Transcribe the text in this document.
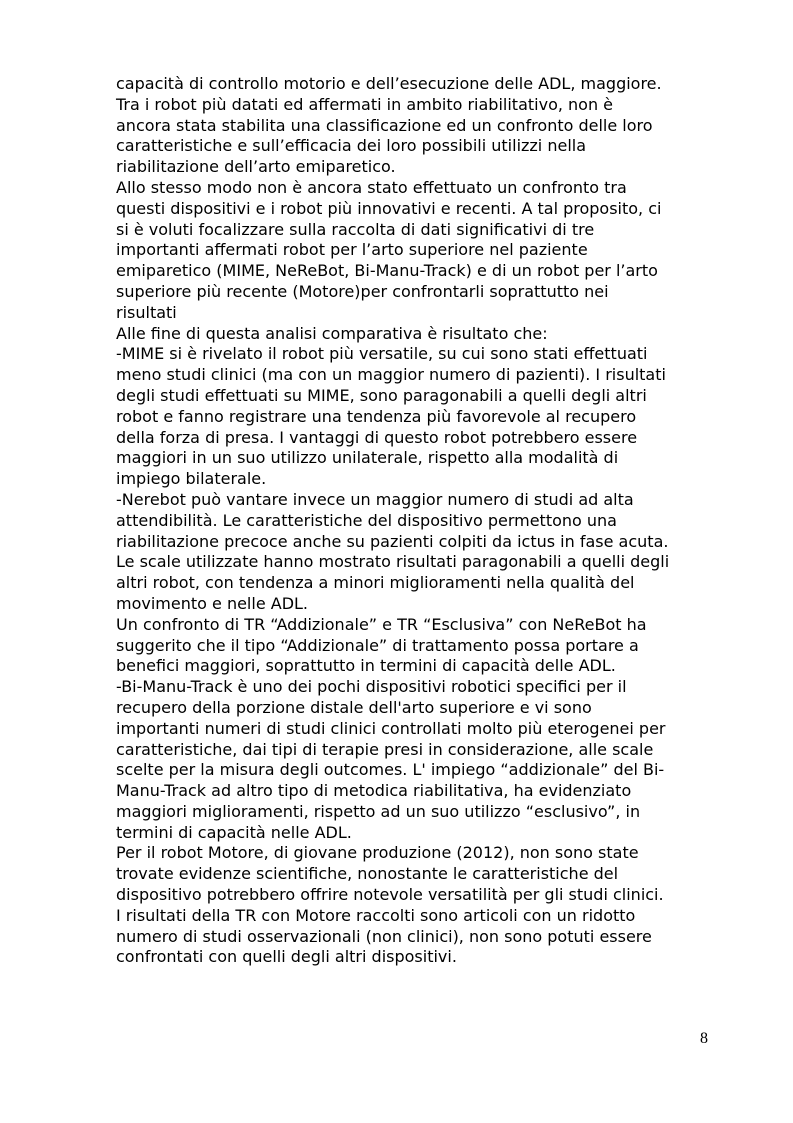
capacità di controllo motorio e dell’esecuzione delle ADL, maggiore.
Tra i robot più datati ed affermati in ambito riabilitativo, non è
ancora stata stabilita una classificazione ed un confronto delle loro
caratteristiche e sull’efficacia dei loro possibili utilizzi nella
riabilitazione dell’arto emiparetico.
Allo stesso modo non è ancora stato effettuato un confronto tra
questi dispositivi e i robot più innovativi e recenti. A tal proposito, ci
si è voluti focalizzare sulla raccolta di dati significativi di tre
importanti affermati robot per l’arto superiore nel paziente
emiparetico (MIME, NeReBot, Bi-Manu-Track) e di un robot per l’arto
superiore più recente (Motore)per confrontarli soprattutto nei
risultati
Alle fine di questa analisi comparativa è risultato che:
-MIME si è rivelato il robot più versatile, su cui sono stati effettuati
meno studi clinici (ma con un maggior numero di pazienti). I risultati
degli studi effettuati su MIME, sono paragonabili a quelli degli altri
robot e fanno registrare una tendenza più favorevole al recupero
della forza di presa. I vantaggi di questo robot potrebbero essere
maggiori in un suo utilizzo unilaterale, rispetto alla modalità di
impiego bilaterale.
-Nerebot può vantare invece un maggior numero di studi ad alta
attendibilità. Le caratteristiche del dispositivo permettono una
riabilitazione precoce anche su pazienti colpiti da ictus in fase acuta.
Le scale utilizzate hanno mostrato risultati paragonabili a quelli degli
altri robot, con tendenza a minori miglioramenti nella qualità del
movimento e nelle ADL.
Un confronto di TR “Addizionale” e TR “Esclusiva” con NeReBot ha
suggerito che il tipo “Addizionale” di trattamento possa portare a
benefici maggiori, soprattutto in termini di capacità delle ADL.
-Bi-Manu-Track è uno dei pochi dispositivi robotici specifici per il
recupero della porzione distale dell'arto superiore e vi sono
importanti numeri di studi clinici controllati molto più eterogenei per
caratteristiche, dai tipi di terapie presi in considerazione, alle scale
scelte per la misura degli outcomes. L' impiego “addizionale” del Bi-
Manu-Track ad altro tipo di metodica riabilitativa, ha evidenziato
maggiori miglioramenti, rispetto ad un suo utilizzo “esclusivo”, in
termini di capacità nelle ADL.
Per il robot Motore, di giovane produzione (2012), non sono state
trovate evidenze scientifiche, nonostante le caratteristiche del
dispositivo potrebbero offrire notevole versatilità per gli studi clinici.
I risultati della TR con Motore raccolti sono articoli con un ridotto
numero di studi osservazionali (non clinici), non sono potuti essere
confrontati con quelli degli altri dispositivi.
8
